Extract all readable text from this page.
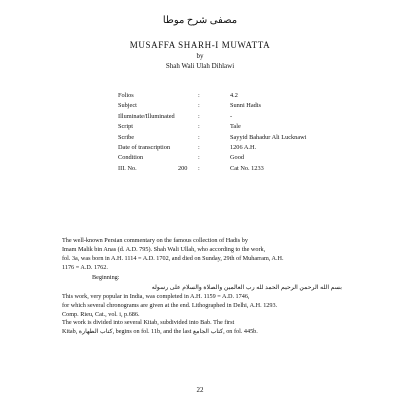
مصفى شرح موطا
MUSAFFA SHARH-I MUWATTA
by
Shah Wali Ulah Dihlawi
Folios	:	4.2
Subject	:	Sunni Hadis
Illuminate/Illuminated	:	-
Script	:	Tale
Scribe	:	Sayyid Bahadur Ali Lucknawi
Date of transcription	:	1206 A.H.
Condition	:	Good
III. No.	200 :	Cat No. 1233
The well-known Persian commentary on the famous collection of Hadis by
Imam Malik bin Anas (d. A.D. 795). Shah Wali Ullah, who according to the work,
fol. 3a, was born in A.H. 1114 = A.D. 1702, and died on Sunday, 29th of Muharram, A.H.
1176 = A.D. 1762.
Beginning:
بسم الله الرحمن الرحيم الحمد لله رب العالمين والصلاة والسلام على رسوله
This work, very popular in India, was completed in A.H. 1159 = A.D. 1746,
for which several chronograms are given at the end. Lithographed in Delhi, A.H. 1293.
Comp. Rieu, Cat., vol. i, p.686.
The work is divided into several Kitab, subdivided into Bab. The first
Kitab, كتاب الطهارة, begins on fol. 11b, and the last كتاب الجامع, on fol. 445b.
22
